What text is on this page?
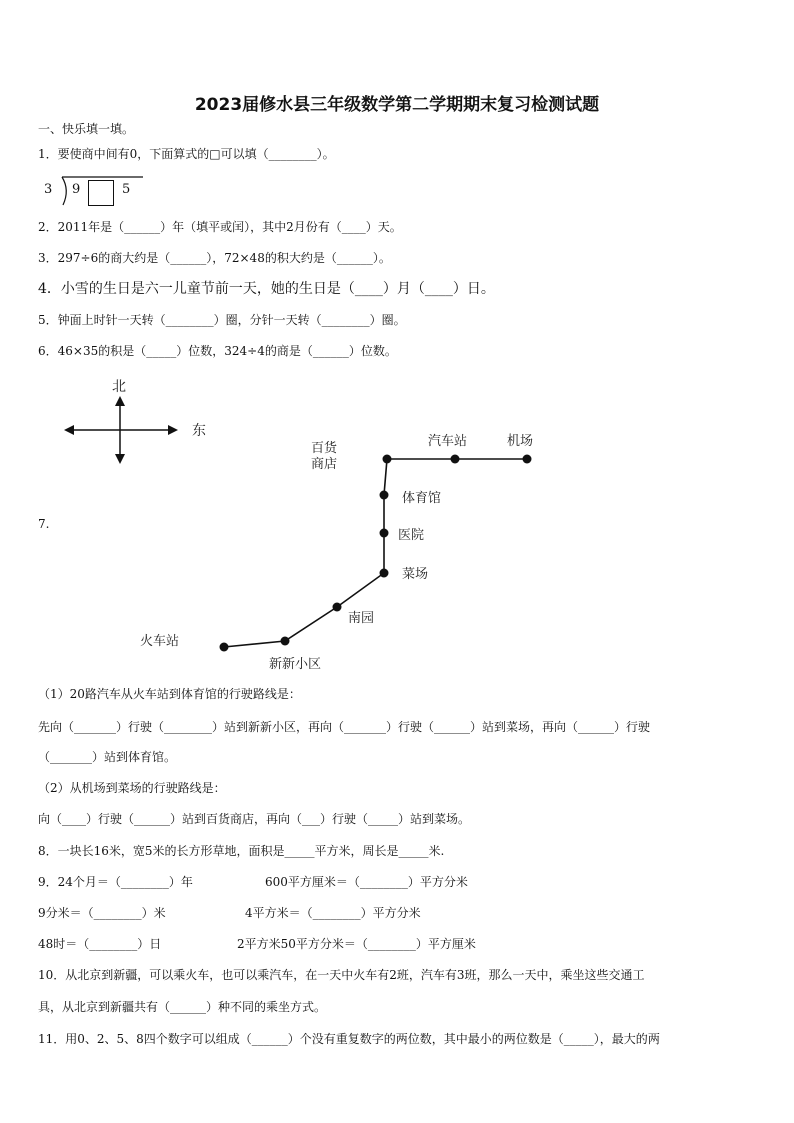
2023届修水县三年级数学第二学期期末复习检测试题
一、快乐填一填。
1．要使商中间有0，下面算式的□可以填（________）。
3 9	5
2．2011年是（______）年（填平或闰），其中2月份有（____）天。
3．297÷6的商大约是（______），72×48的积大约是（______）。
4．小雪的生日是六一儿童节前一天，她的生日是（____）月（____）日。
5．钟面上时针一天转（________）圈，分针一天转（________）圈。
6．46×35的积是（_____）位数，324÷4的商是（______）位数。
北
东
百货
商店
汽车站	机场
体育馆
医院
菜场
南园
火车站
新新小区
7.
（1）20路汽车从火车站到体育馆的行驶路线是：
先向（_______）行驶（________）站到新新小区，再向（_______）行驶（______）站到菜场，再向（______）行驶
（_______）站到体育馆。
（2）从机场到菜场的行驶路线是：
向（____）行驶（______）站到百货商店，再向（___）行驶（_____）站到菜场。
8．一块长16米，宽5米的长方形草地，面积是_____平方米，周长是_____米.
9．24个月＝（________）年	600平方厘米＝（________）平方分米
9分米＝（________）米	4平方米＝（________）平方分米
48时＝（________）日	2平方米50平方分米＝（________）平方厘米
10．从北京到新疆，可以乘火车，也可以乘汽车，在一天中火车有2班，汽车有3班，那么一天中，乘坐这些交通工
具，从北京到新疆共有（______）种不同的乘坐方式。
11．用0、2、5、8四个数字可以组成（______）个没有重复数字的两位数，其中最小的两位数是（_____），最大的两
